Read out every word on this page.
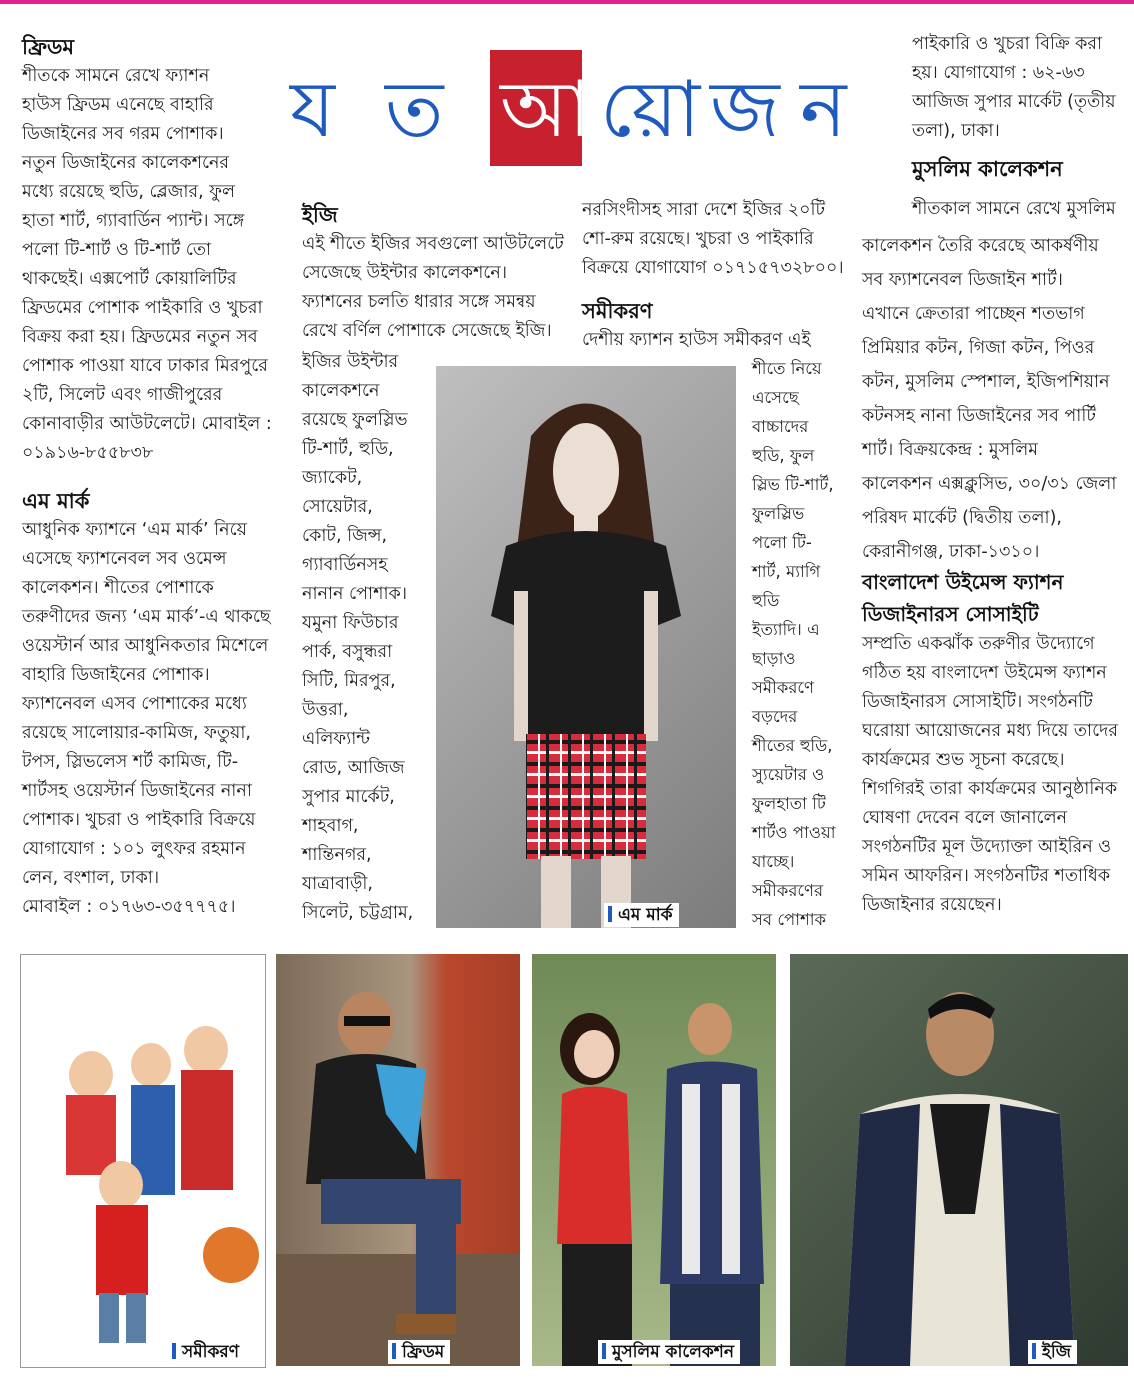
য ত আ য়ো জ ন

ফ্রিডম

শীতকে সামনে রেখে ফ্যাশন

হাউস ফ্রিডম এনেছে বাহারি

ডিজাইনের সব গরম পোশাক।

নতুন ডিজাইনের কালেকশনের

মধ্যে রয়েছে হুডি, ব্লেজার, ফুল

হাতা শার্ট, গ্যাবার্ডিন প্যান্ট। সঙ্গে

পলো টি-শার্ট ও টি-শার্ট তো

থাকছেই। এক্সপোর্ট কোয়ালিটির

ফ্রিডমের পোশাক পাইকারি ও খুচরা

বিক্রয় করা হয়। ফ্রিডমের নতুন সব

পোশাক পাওয়া যাবে ঢাকার মিরপুরে

২টি, সিলেট এবং গাজীপুরের

কোনাবাড়ীর আউটলেটে। মোবাইল :

০১৯১৬-৮৫৫৮৩৮

এম মার্ক

আধুনিক ফ্যাশনে ‘এম মার্ক’ নিয়ে

এসেছে ফ্যাশনেবল সব ওমেন্স

কালেকশন। শীতের পোশাকে

তরুণীদের জন্য ‘এম মার্ক’-এ থাকছে

ওয়েস্টার্ন আর আধুনিকতার মিশেলে

বাহারি ডিজাইনের পোশাক।

ফ্যাশনেবল এসব পোশাকের মধ্যে

রয়েছে সালোয়ার-কামিজ, ফতুয়া,

টপস, স্লিভলেস শর্ট কামিজ, টি-

শার্টসহ ওয়েস্টার্ন ডিজাইনের নানা

পোশাক। খুচরা ও পাইকারি বিক্রয়ে

যোগাযোগ : ১০১ লুৎফর রহমান

লেন, বংশাল, ঢাকা।

মোবাইল : ০১৭৬৩-৩৫৭৭৭৫।

ইজি

এই শীতে ইজির সবগুলো আউটলেটে

সেজেছে উইন্টার কালেকশনে।

ফ্যাশনের চলতি ধারার সঙ্গে সমন্বয়

রেখে বর্ণিল পোশাকে সেজেছে ইজি।

ইজির উইন্টার

কালেকশনে

রয়েছে ফুলস্লিভ

টি-শার্ট, হুডি,

জ্যাকেট,

সোয়েটার,

কোট, জিন্স,

গ্যাবার্ডিনসহ

নানান পোশাক।

যমুনা ফিউচার

পার্ক, বসুন্ধরা

সিটি, মিরপুর,

উত্তরা,

এলিফ্যান্ট

রোড, আজিজ

সুপার মার্কেট,

শাহবাগ,

শান্তিনগর,

যাত্রাবাড়ী,

সিলেট, চট্টগ্রাম,

নরসিংদীসহ সারা দেশে ইজির ২০টি

শো-রুম রয়েছে। খুচরা ও পাইকারি

বিক্রয়ে যোগাযোগ ০১৭১৫৭৩২৮০০।

সমীকরণ

দেশীয় ফ্যাশন হাউস সমীকরণ এই

শীতে নিয়ে

এসেছে

বাচ্চাদের

হুডি, ফুল

স্লিভ টি-শার্ট,

ফুলস্লিভ

পলো টি-

শার্ট, ম্যাগি

হুডি

ইত্যাদি। এ

ছাড়াও

সমীকরণে

বড়দের

শীতের হুডি,

স্যুয়েটার ও

ফুলহাতা টি

শার্টও পাওয়া

যাচ্ছে।

সমীকরণের

সব পোশাক

পাইকারি ও খুচরা বিক্রি করা

হয়। যোগাযোগ : ৬২-৬৩

আজিজ সুপার মার্কেট (তৃতীয়

তলা), ঢাকা।

মুসলিম কালেকশন

শীতকাল সামনে রেখে মুসলিম

কালেকশন তৈরি করেছে আকর্ষণীয়

সব ফ্যাশনেবল ডিজাইন শার্ট।

এখানে ক্রেতারা পাচ্ছেন শতভাগ

প্রিমিয়ার কটন, গিজা কটন, পিওর

কটন, মুসলিম স্পেশাল, ইজিপশিয়ান

কটনসহ নানা ডিজাইনের সব পার্টি

শার্ট। বিক্রয়কেন্দ্র : মুসলিম

কালেকশন এক্সক্লুসিভ, ৩০/৩১ জেলা

পরিষদ মার্কেট (দ্বিতীয় তলা),

কেরানীগঞ্জ, ঢাকা-১৩১০।

বাংলাদেশ উইমেন্স ফ্যাশন

ডিজাইনারস সোসাইটি

সম্প্রতি একঝাঁক তরুণীর উদ্যোগে

গঠিত হয় বাংলাদেশ উইমেন্স ফ্যাশন

ডিজাইনারস সোসাইটি। সংগঠনটি

ঘরোয়া আয়োজনের মধ্য দিয়ে তাদের

কার্যক্রমের শুভ সূচনা করেছে।

শিগগিরই তারা কার্যক্রমের আনুষ্ঠানিক

ঘোষণা দেবেন বলে জানালেন

সংগঠনটির মূল উদ্যোক্তা আইরিন ও

সমিন আফরিন। সংগঠনটির শতাধিক

ডিজাইনার রয়েছেন।

এম মার্ক
সমীকরণ	ফ্রিডম	মুসলিম কালেকশন	ইজি
